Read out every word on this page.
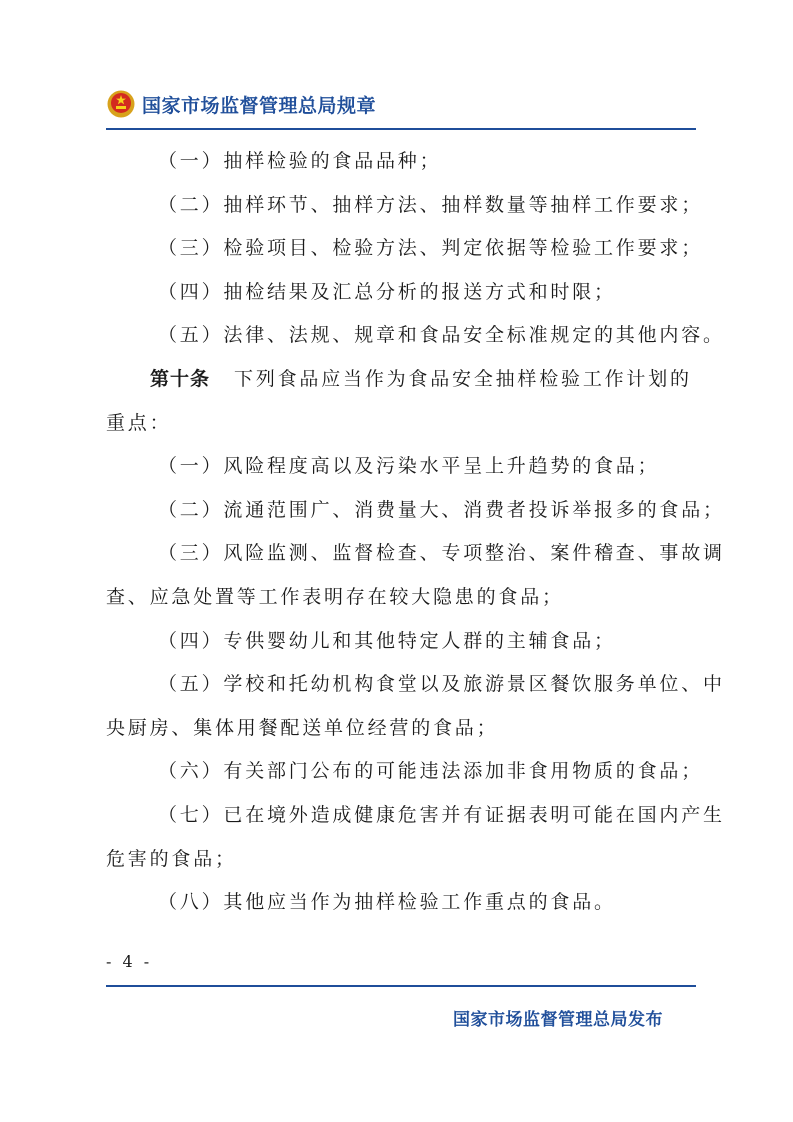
国家市场监督管理总局规章
（一）抽样检验的食品品种；
（二）抽样环节、抽样方法、抽样数量等抽样工作要求；
（三）检验项目、检验方法、判定依据等检验工作要求；
（四）抽检结果及汇总分析的报送方式和时限；
（五）法律、法规、规章和食品安全标准规定的其他内容。
第十条 下列食品应当作为食品安全抽样检验工作计划的
重点：
（一）风险程度高以及污染水平呈上升趋势的食品；
（二）流通范围广、消费量大、消费者投诉举报多的食品；
（三）风险监测、监督检查、专项整治、案件稽查、事故调
查、应急处置等工作表明存在较大隐患的食品；
（四）专供婴幼儿和其他特定人群的主辅食品；
（五）学校和托幼机构食堂以及旅游景区餐饮服务单位、中
央厨房、集体用餐配送单位经营的食品；
（六）有关部门公布的可能违法添加非食用物质的食品；
（七）已在境外造成健康危害并有证据表明可能在国内产生
危害的食品；
（八）其他应当作为抽样检验工作重点的食品。
- 4 -
国家市场监督管理总局发布
